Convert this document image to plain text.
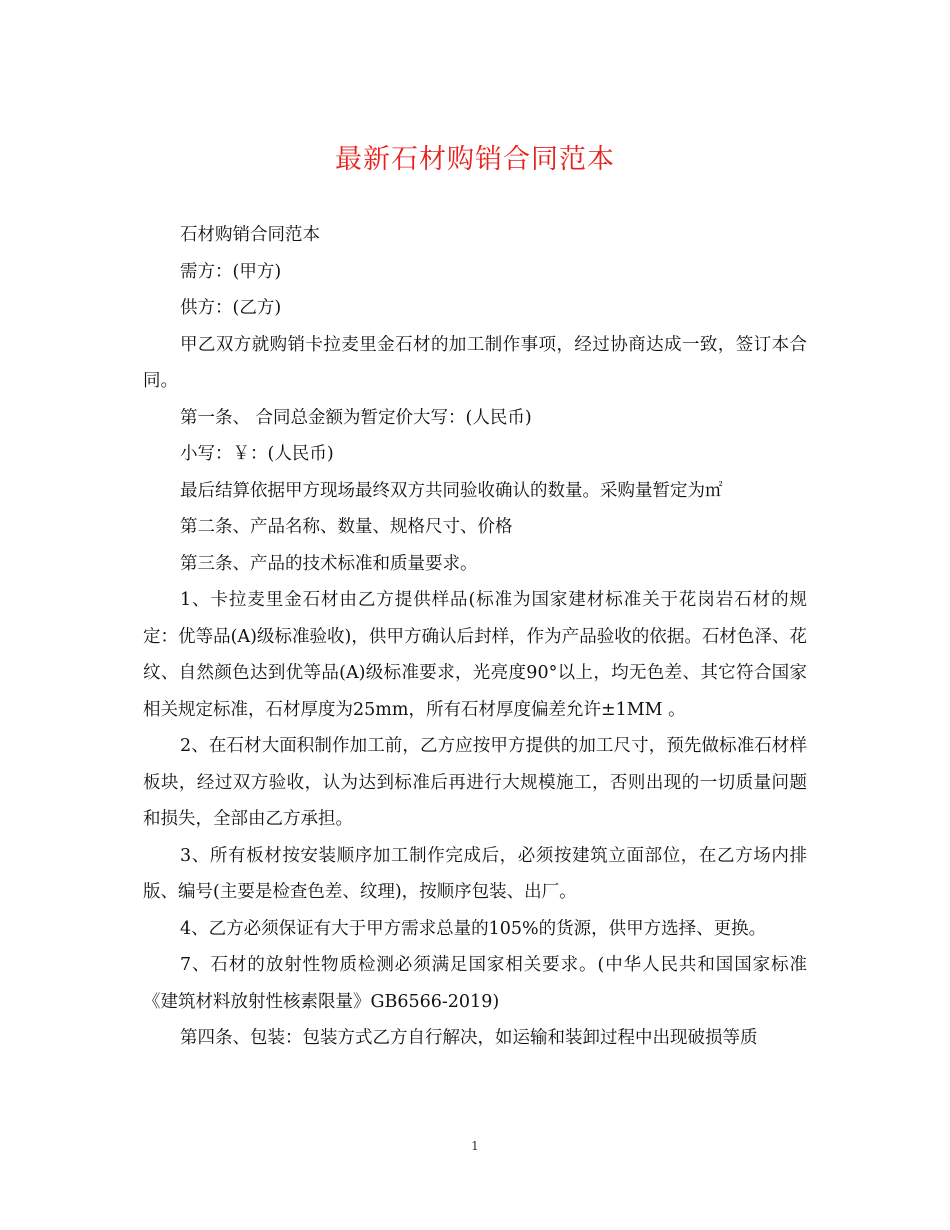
最新石材购销合同范本

石材购销合同范本

需方：(甲方)

供方：(乙方)

甲乙双方就购销卡拉麦里金石材的加工制作事项，经过协商达成一致，签订本合同。

第一条、 合同总金额为暂定价大写：(人民币)

小写：￥：(人民币)

最后结算依据甲方现场最终双方共同验收确认的数量。采购量暂定为㎡

第二条、产品名称、数量、规格尺寸、价格

第三条、产品的技术标准和质量要求。

1、卡拉麦里金石材由乙方提供样品(标准为国家建材标准关于花岗岩石材的规定：优等品(A)级标准验收)，供甲方确认后封样，作为产品验收的依据。石材色泽、花纹、自然颜色达到优等品(A)级标准要求，光亮度90°以上，均无色差、其它符合国家相关规定标准，石材厚度为25mm，所有石材厚度偏差允许±1MM 。

2、在石材大面积制作加工前，乙方应按甲方提供的加工尺寸，预先做标准石材样板块，经过双方验收，认为达到标准后再进行大规模施工，否则出现的一切质量问题和损失，全部由乙方承担。

3、所有板材按安装顺序加工制作完成后，必须按建筑立面部位，在乙方场内排版、编号(主要是检查色差、纹理)，按顺序包装、出厂。

4、乙方必须保证有大于甲方需求总量的105%的货源，供甲方选择、更换。

7、石材的放射性物质检测必须满足国家相关要求。(中华人民共和国国家标准《建筑材料放射性核素限量》GB6566-2019)

第四条、包装：包装方式乙方自行解决，如运输和装卸过程中出现破损等质

1
